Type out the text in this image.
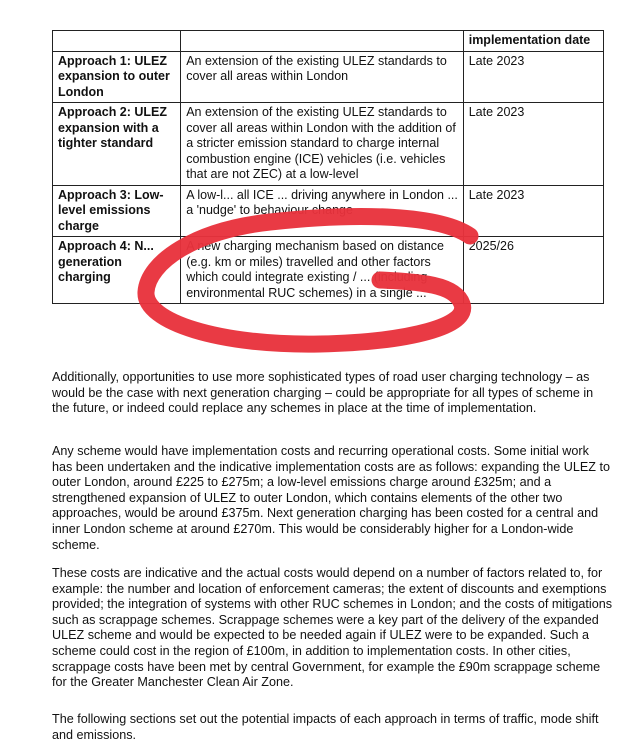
		implementation date
Approach 1: ULEZ expansion to outer London	An extension of the existing ULEZ standards to cover all areas within London	Late 2023
Approach 2: ULEZ expansion with a tighter standard	An extension of the existing ULEZ standards to cover all areas within London with the addition of a stricter emission standard to charge internal combustion engine (ICE) vehicles (i.e. vehicles that are not ZEC) at a low-level	Late 2023
Approach 3: Low-level emissions charge	A low-l... all ICE ... driving anywhere in London ... a 'nudge' to behaviour change	Late 2023
Approach 4: N... generation charging	A new charging mechanism based on distance (e.g. km or miles) travelled and other factors which could integrate existing / ... (including environmental RUC schemes) in a single ...	2025/26

Additionally, opportunities to use more sophisticated types of road user charging technology – as would be the case with next generation charging – could be appropriate for all types of scheme in the future, or indeed could replace any schemes in place at the time of implementation.

Any scheme would have implementation costs and recurring operational costs. Some initial work has been undertaken and the indicative implementation costs are as follows: expanding the ULEZ to outer London, around £225 to £275m; a low-level emissions charge around £325m; and a strengthened expansion of ULEZ to outer London, which contains elements of the other two approaches, would be around £375m. Next generation charging has been costed for a central and inner London scheme at around £270m. This would be considerably higher for a London-wide scheme.

These costs are indicative and the actual costs would depend on a number of factors related to, for example: the number and location of enforcement cameras; the extent of discounts and exemptions provided; the integration of systems with other RUC schemes in London; and the costs of mitigations such as scrappage schemes. Scrappage schemes were a key part of the delivery of the expanded ULEZ scheme and would be expected to be needed again if ULEZ were to be expanded. Such a scheme could cost in the region of £100m, in addition to implementation costs. In other cities, scrappage costs have been met by central Government, for example the £90m scrappage scheme for the Greater Manchester Clean Air Zone.

The following sections set out the potential impacts of each approach in terms of traffic, mode shift and emissions.
